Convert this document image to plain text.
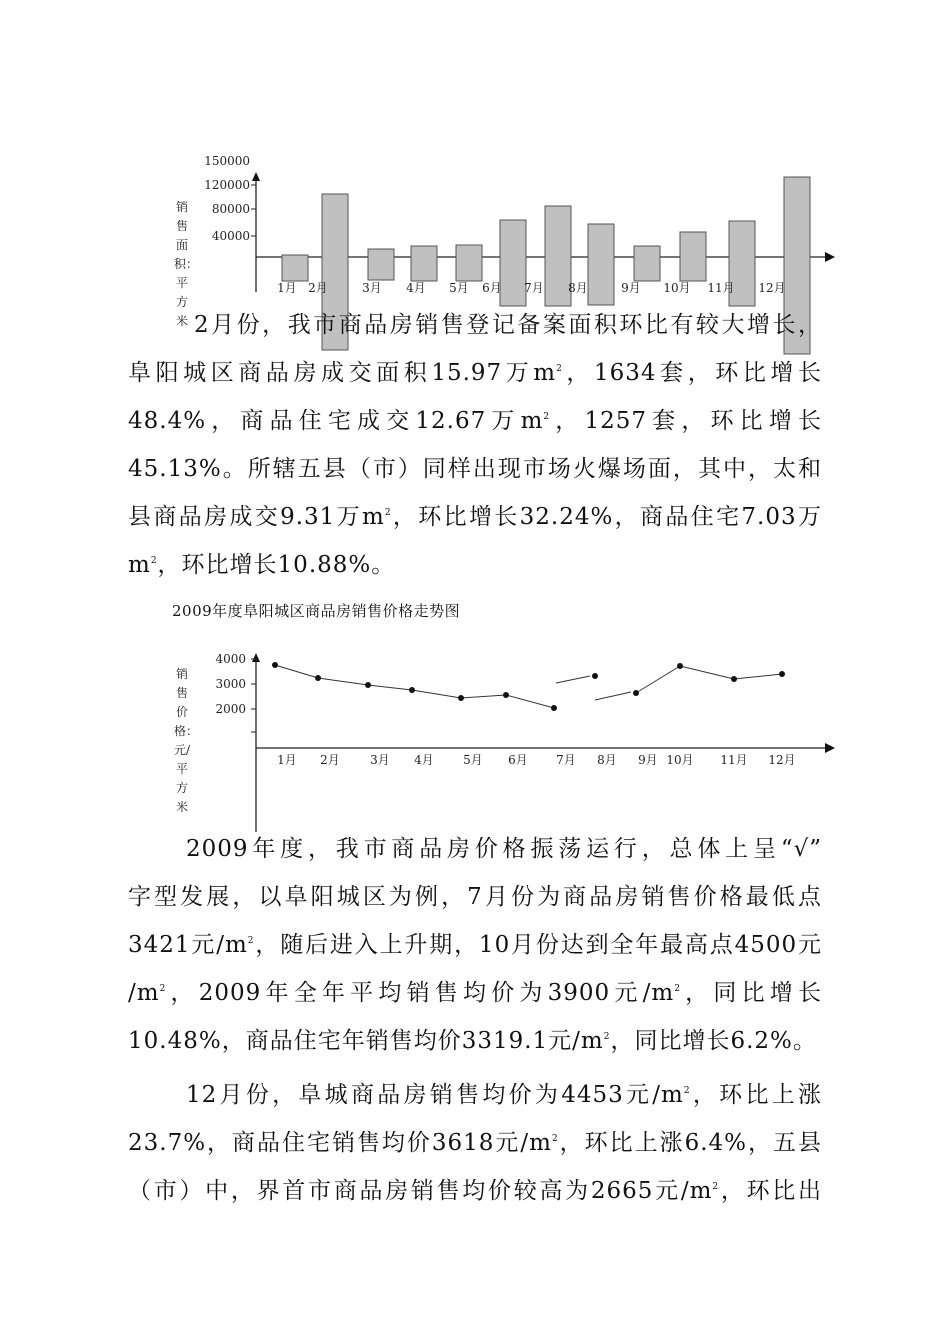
150000
120000
80000
40000
1月 2月	3月 4月 5月 6月 7月 8月	9月 10月 11月 12月
销售面积：平方米 2月份，我市商品房销售登记备案面积环比有较大增长，
阜阳城区商品房成交面积15.97万$m^2$，1634套，环比增长
48.4%，商品住宅成交12.67万$m^2$，1257套，环比增长
45.13%。所辖五县（市）同样出现市场火爆场面，其中，太和
县商品房成交9.31万$m^2$，环比增长32.24%，商品住宅7.03万
$m^2$，环比增长10.88%。
2009年度阜阳城区商品房销售价格走势图
4000
3000
2000
1月 2月	3月 4月 5月 6月 7月 8月 9月 10月 11月 12月
销售价格：元/平方米
2009年度，我市商品房价格振荡运行，总体上呈“√”
字型发展，以阜阳城区为例，7月份为商品房销售价格最低点
3421元$/m^2$，随后进入上升期，10月份达到全年最高点4500元
$/m^2$，2009年全年平均销售均价为3900元$/m^2$，同比增长
10.48%，商品住宅年销售均价3319.1元$/m^2$，同比增长6.2%。
12月份，阜城商品房销售均价为4453元$/m^2$，环比上涨
23.7%，商品住宅销售均价3618元$/m^2$，环比上涨6.4%，五县
（市）中，界首市商品房销售均价较高为2665元$/m^2$，环比出
